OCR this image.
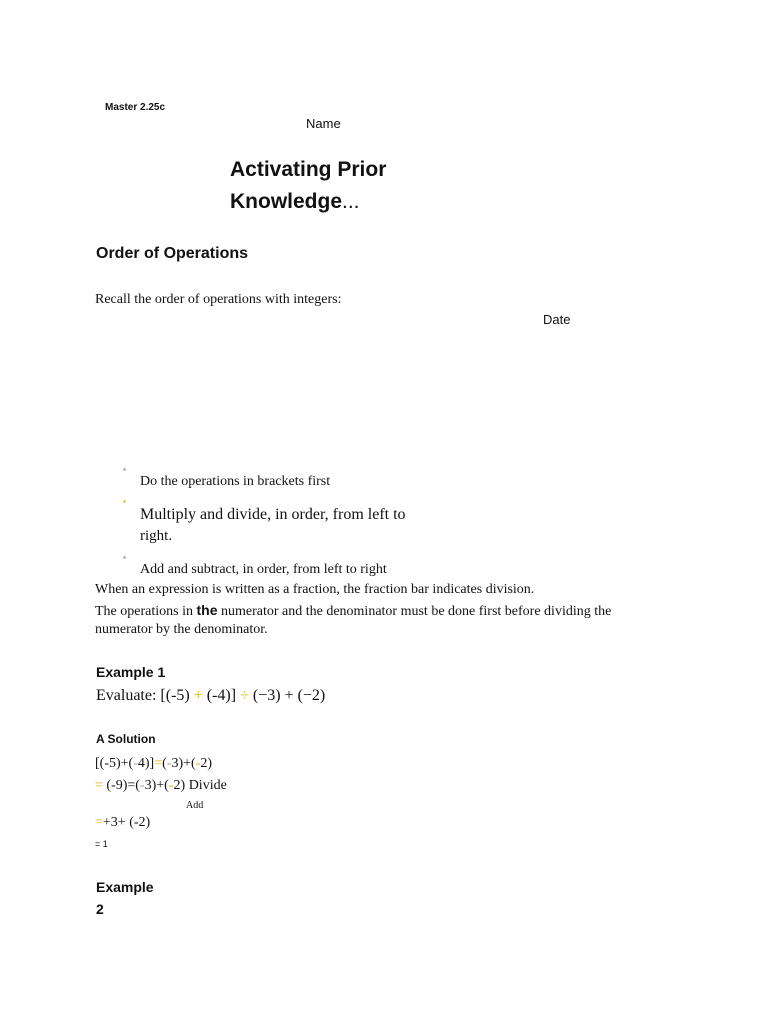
Master 2.25c
Name
Activating Prior
Knowledge...
Order of Operations
Recall the order of operations with integers:
Date
Do the operations in brackets first
Multiply and divide, in order, from left to
right.
Add and subtract, in order, from left to right
When an expression is written as a fraction, the fraction bar indicates division.
The operations in the numerator and the denominator must be done first before dividing the
numerator by the denominator.
Example 1
Evaluate: [(-5) + (-4)] ÷ (−3) + (−2)
A Solution
[(-5)+(-4)]=(-3)+(-2)
= (-9)=(-3)+(-2) Divide
Add
=+3+ (-2)
= 1
Example
2
